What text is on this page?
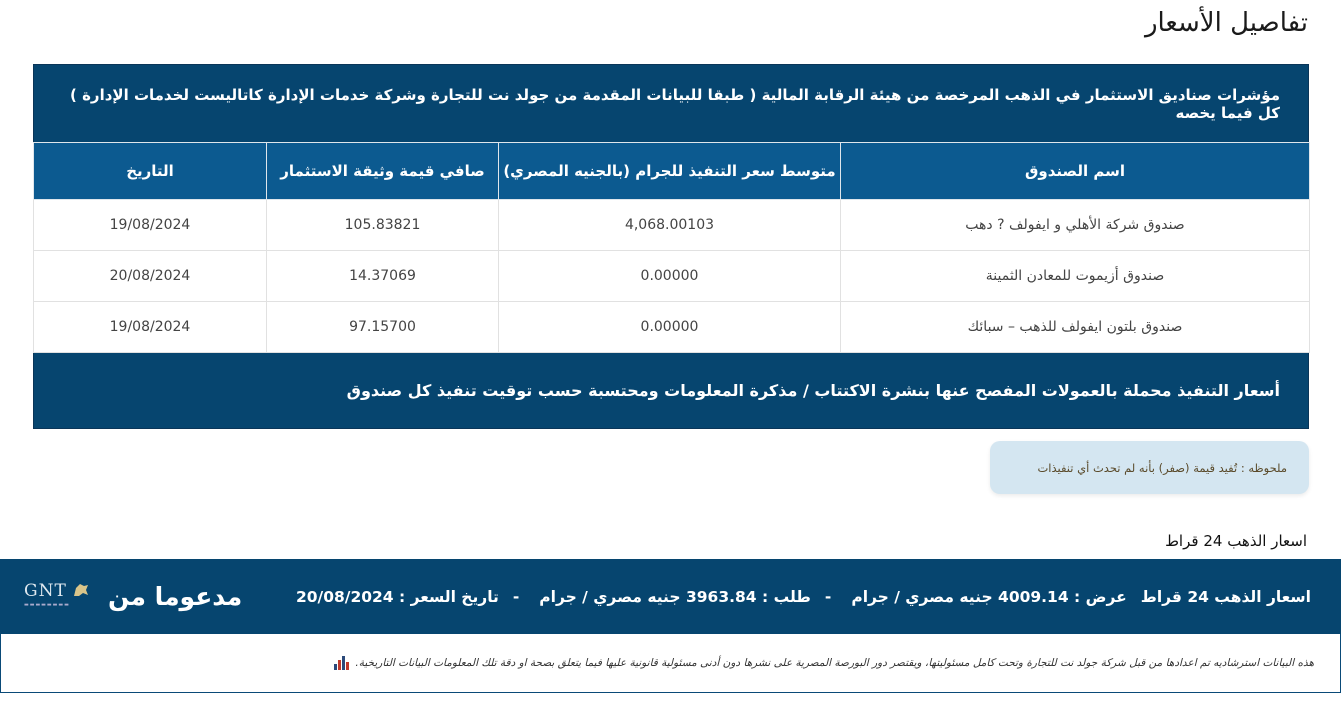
تفاصيل الأسعار
مؤشرات صناديق الاستثمار في الذهب المرخصة من هيئة الرقابة المالية ( طبقا للبيانات المقدمة من جولد نت للتجارة وشركة خدمات الإدارة كاتاليست لخدمات الإدارة ) كل فيما يخصه
اسم الصندوق	متوسط سعر التنفيذ للجرام (بالجنيه المصري)	صافي قيمة وثيقة الاستثمار	التاريخ
صندوق شركة الأهلي و ايفولف ? دهب	4,068.00103	105.83821	19/08/2024
صندوق أزيموت للمعادن الثمينة	0.00000	14.37069	20/08/2024
صندوق بلتون ايفولف للذهب – سبائك	0.00000	97.15700	19/08/2024
أسعار التنفيذ محملة بالعمولات المفصح عنها بنشرة الاكتتاب / مذكرة المعلومات ومحتسبة حسب توقيت تنفيذ كل صندوق
ملحوظه : تُفيد قيمة (صفر) بأنه لم تحدث أي تنفيذات
اسعار الذهب 24 قراط
اسعار الذهب 24 قراط
عرض : 4009.14 جنيه مصري / جرام
-
طلب : 3963.84 جنيه مصري / جرام
-
تاريخ السعر : 20/08/2024
مدعوما من
GNT
▬▬▬▬▬▬▬▬
هذه البيانات استرشاديه تم اعدادها من قبل شركة جولد نت للتجارة وتحت كامل مسئوليتها، ويقتصر دور البورصة المصرية على نشرها دون أدنى مسئولية قانونية عليها فيما يتعلق بصحة او دقة تلك المعلومات البيانات التاريخية.
